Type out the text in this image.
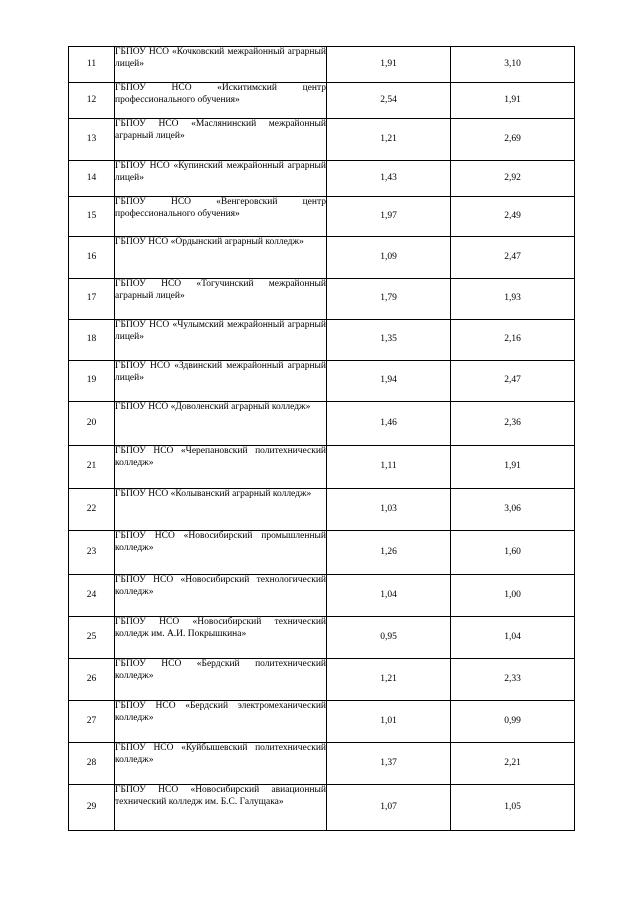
11	ГБПОУ НСО «Кочковский межрайонный аграрный лицей»	1,91	3,10
12	ГБПОУ НСО «Искитимский центр профессионального обучения»	2,54	1,91
13	ГБПОУ НСО «Маслянинский межрайонный аграрный лицей»	1,21	2,69
14	ГБПОУ НСО «Купинский межрайонный аграрный лицей»	1,43	2,92
15	ГБПОУ НСО «Венгеровский центр профессионального обучения»	1,97	2,49
16	ГБПОУ НСО «Ордынский аграрный колледж»	1,09	2,47
17	ГБПОУ НСО «Тогучинский межрайонный аграрный лицей»	1,79	1,93
18	ГБПОУ НСО «Чулымский межрайонный аграрный лицей»	1,35	2,16
19	ГБПОУ НСО «Здвинский межрайонный аграрный лицей»	1,94	2,47
20	ГБПОУ НСО «Доволенский аграрный колледж»	1,46	2,36
21	ГБПОУ НСО «Черепановский политехнический колледж»	1,11	1,91
22	ГБПОУ НСО «Колыванский аграрный колледж»	1,03	3,06
23	ГБПОУ НСО «Новосибирский промышленный колледж»	1,26	1,60
24	ГБПОУ НСО «Новосибирский технологический колледж»	1,04	1,00
25	ГБПОУ НСО «Новосибирский технический колледж им. А.И. Покрышкина»	0,95	1,04
26	ГБПОУ НСО «Бердский политехнический колледж»	1,21	2,33
27	ГБПОУ НСО «Бердский электромеханический колледж»	1,01	0,99
28	ГБПОУ НСО «Куйбышевский политехнический колледж»	1,37	2,21
29	ГБПОУ НСО «Новосибирский авиационный технический колледж им. Б.С. Галущака»	1,07	1,05
